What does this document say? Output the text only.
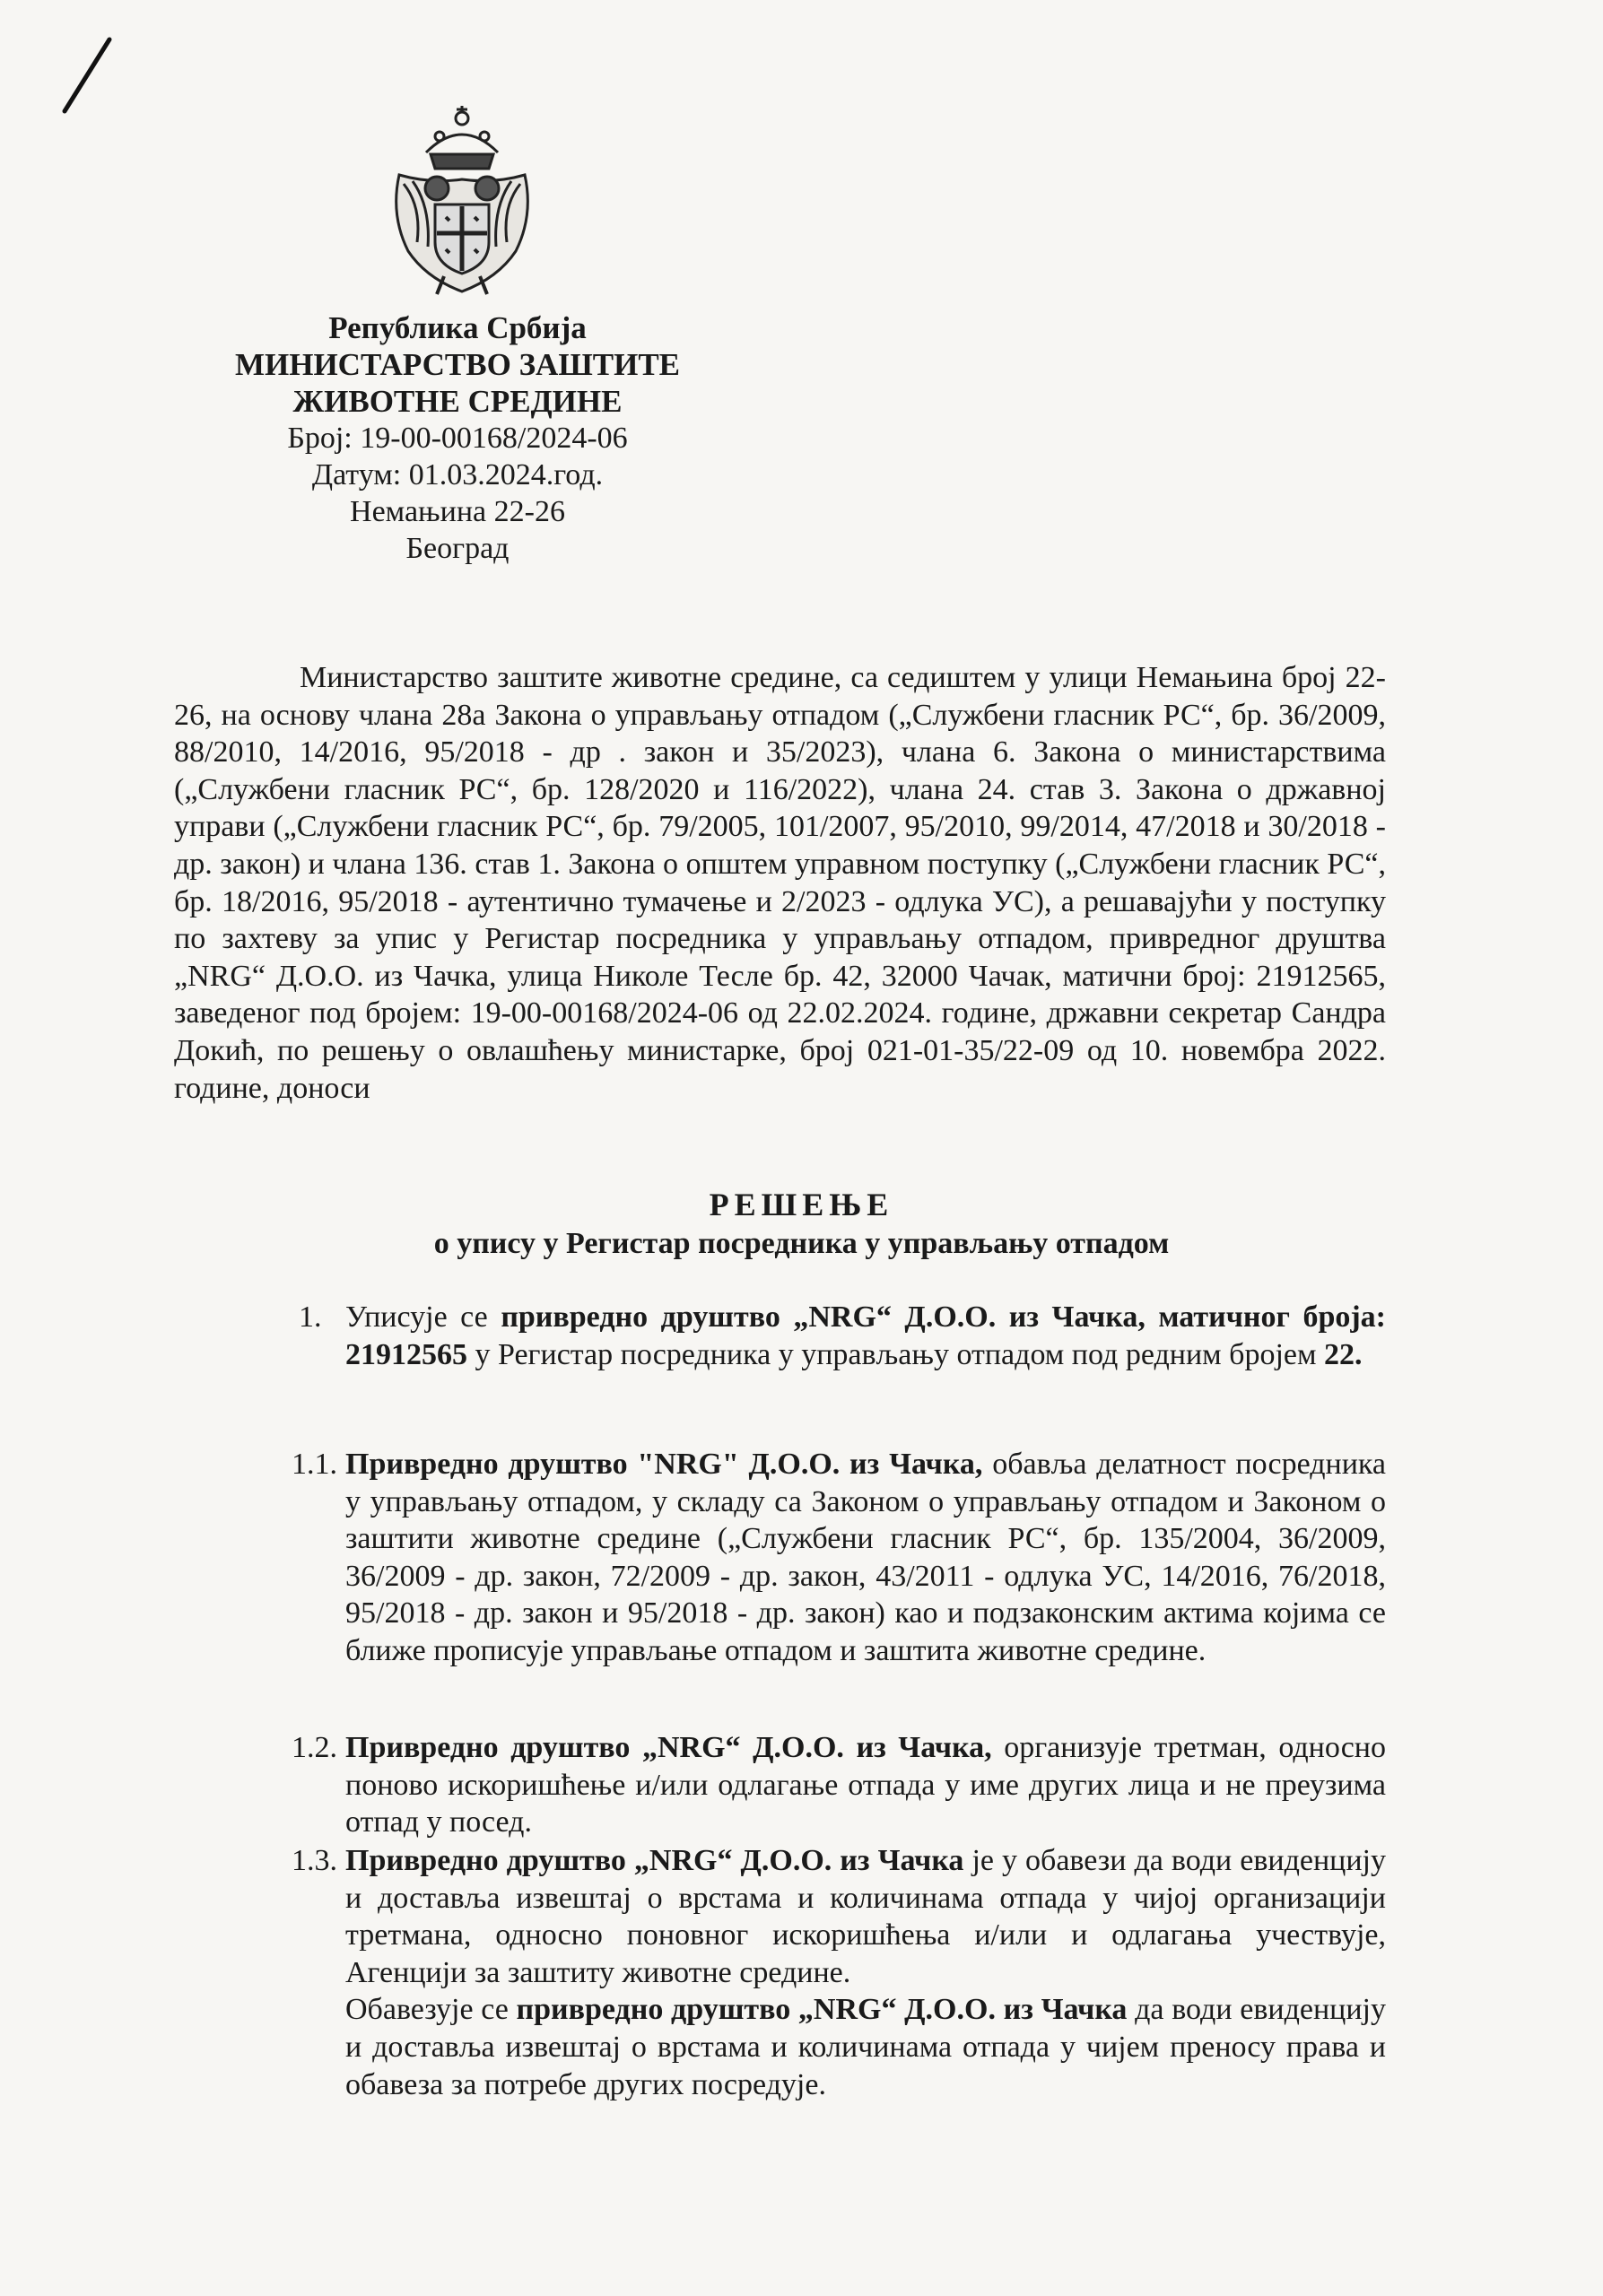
Република Србија
МИНИСТАРСТВО ЗАШТИТЕ
ЖИВОТНЕ СРЕДИНЕ
Број: 19-00-00168/2024-06
Датум: 01.03.2024.год.
Немањина 22-26
Београд

Министарство заштите животне средине, са седиштем у улици Немањина број 22-26, на основу члана 28а Закона о управљању отпадом („Службени гласник РС“, бр. 36/2009, 88/2010, 14/2016, 95/2018 - др . закон и 35/2023), члана 6. Закона о министарствима („Службени гласник РС“, бр. 128/2020 и 116/2022), члана 24. став 3. Закона о државној управи („Службени гласник РС“, бр. 79/2005, 101/2007, 95/2010, 99/2014, 47/2018 и 30/2018 - др. закон) и члана 136. став 1. Закона о општем управном поступку („Службени гласник РС“, бр. 18/2016, 95/2018 - аутентично тумачење и 2/2023 - одлука УС), а решавајући у поступку по захтеву за упис у Регистар посредника у управљању отпадом, привредног друштва „NRG“ Д.О.О. из Чачка, улица Николе Тесле бр. 42, 32000 Чачак, матични број: 21912565, заведеног под бројем: 19-00-00168/2024-06 од 22.02.2024. године, државни секретар Сандра Докић, по решењу о овлашћењу министарке, број 021-01-35/22-09 од 10. новембра 2022. године, доноси

РЕШЕЊЕ

о упису у Регистар посредника у управљању отпадом

1. Уписује се привредно друштво „NRG“ Д.О.О. из Чачка, матичног броја: 21912565 у Регистар посредника у управљању отпадом под редним бројем 22.
1.1. Привредно друштво "NRG" Д.О.О. из Чачка, обавља делатност посредника у управљању отпадом, у складу са Законом о управљању отпадом и Законом о заштити животне средине („Службени гласник РС“, бр. 135/2004, 36/2009, 36/2009 - др. закон, 72/2009 - др. закон, 43/2011 - одлука УС, 14/2016, 76/2018, 95/2018 - др. закон и 95/2018 - др. закон) као и подзаконским актима којима се ближе прописује управљање отпадом и заштита животне средине.
1.2. Привредно друштво „NRG“ Д.О.О. из Чачка, организује третман, односно поново искоришћење и/или одлагање отпада у име других лица и не преузима отпад у посед.
1.3. Привредно друштво „NRG“ Д.О.О. из Чачка је у обавези да води евиденцију и доставља извештај о врстама и количинама отпада у чијој организацији третмана, односно поновног искоришћења и/или и одлагања учествује, Агенцији за заштиту животне средине.
Обавезује се привредно друштво „NRG“ Д.О.О. из Чачка да води евиденцију и доставља извештај о врстама и количинама отпада у чијем преносу права и обавеза за потребе других посредује.
